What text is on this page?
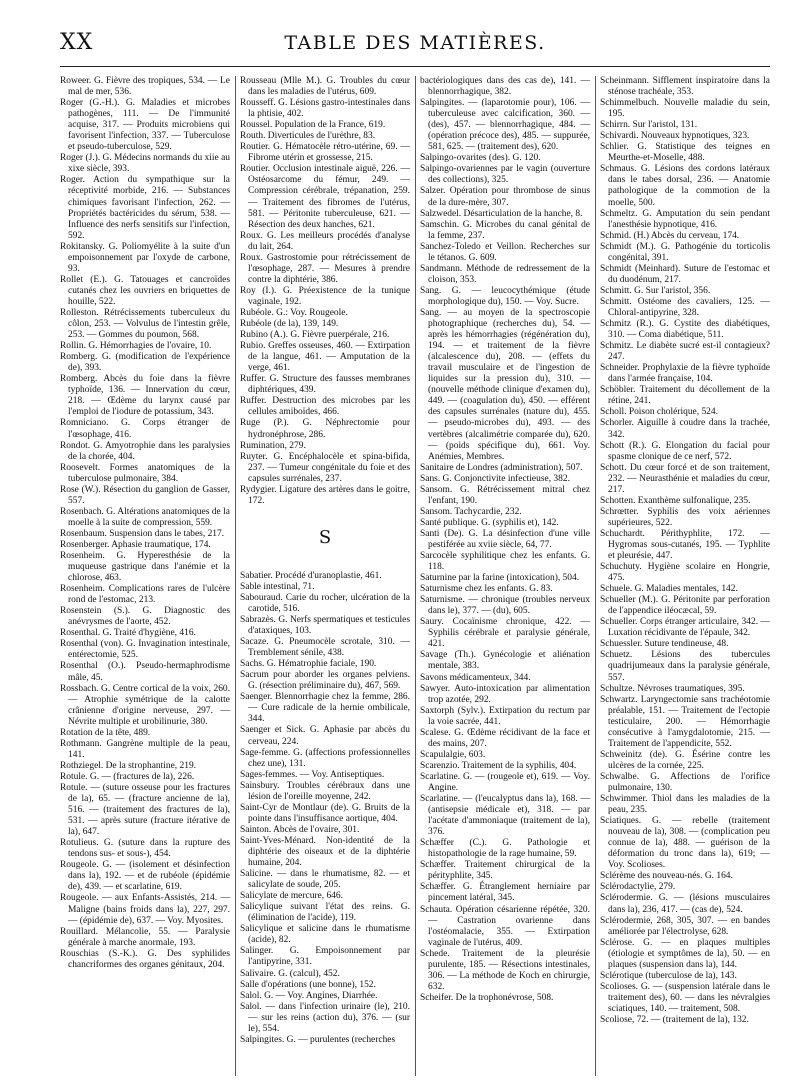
XX	TABLE DES MATIÈRES.

Roweer. G. Fièvre des tropiques, 534. — Le mal de mer, 536.

Roger (G.-H.). G. Maladies et microbes pathogènes, 111. — De l'immunité acquise, 317. — Produits microbiens qui favorisent l'infection, 337. — Tuberculose et pseudo-tuberculose, 529.

Roger (J.). G. Médecins normands du xiie au xixe siècle, 393.

Roger. Action du sympathique sur la réceptivité morbide, 216. — Substances chimiques favorisant l'infection, 262. — Propriétés bactéricides du sérum, 538. — Influence des nerfs sensitifs sur l'infection, 592.

Rokitansky. G. Poliomyélite à la suite d'un empoisonnement par l'oxyde de carbone, 93.

Rollet (E.). G. Tatouages et cancroïdes cutanés chez les ouvriers en briquettes de houille, 522.

Rolleston. Rétrécissements tuberculeux du côlon, 253. — Volvulus de l'intestin grêle, 253. — Gommes du poumon, 568.

Rollin. G. Hémorrhagies de l'ovaire, 10.

Romberg. G. (modification de l'expérience de), 393.

Romberg. Abcès du foie dans la fièvre typhoïde, 136. — Innervation du cœur, 218. — Œdème du larynx causé par l'emploi de l'iodure de potassium, 343.

Romniciano. G. Corps étranger de l'œsophage, 416.

Rondot. G. Amyotrophie dans les paralysies de la chorée, 404.

Roosevelt. Formes anatomiques de la tuberculose pulmonaire, 384.

Rose (W.). Résection du ganglion de Gasser, 557.

Rosenbach. G. Altérations anatomiques de la moelle à la suite de compression, 559.

Rosenbaum. Suspension dans le tabes, 217.

Rosenberger. Aphasie traumatique, 174.

Rosenheim. G. Hyperesthésie de la muqueuse gastrique dans l'anémie et la chlorose, 463.

Rosenheim. Complications rares de l'ulcère rond de l'estomac, 213.

Rosenstein (S.). G. Diagnostic des anévrysmes de l'aorte, 452.

Rosenthal. G. Traité d'hygiène, 416.

Rosenthal (von). G. Invagination intestinale, entérectomie, 525.

Rosenthal (O.). Pseudo-hermaphrodisme mâle, 45.

Rossbach. G. Centre cortical de la voix, 260. — Atrophie symétrique de la calotte crânienne d'origine nerveuse, 297. — Névrite multiple et urobilinurie, 380.

Rotation de la tête, 489.

Rothmann. Gangrène multiple de la peau, 141.

Rothziegel. De la strophantine, 219.

Rotule. G. — (fractures de la), 226.

Rotule. — (suture osseuse pour les fractures de la), 65. — (fracture ancienne de la), 516. — (traitement des fractures de la), 531. — après suture (fracture itérative de la), 647.

Rotulieus. G. (suture dans la rupture des tendons sus- et sous-), 454.

Rougeole. G. — (isolement et désinfection dans la), 192. — et de rubéole (épidémie de), 439. — et scarlatine, 619.

Rougeole. — aux Enfants-Assistés, 214. — Maligne (bains froids dans la), 227, 297. — (épidémie de), 637. — Voy. Myosites.

Rouillard. Mélancolie, 55. — Paralysie générale à marche anormale, 193.

Rouschias (S.-K.). G. Des syphilides chancriformes des organes génitaux, 204.

Rousseau (Mlle M.). G. Troubles du cœur dans les maladies de l'utérus, 609.

Rousseff. G. Lésions gastro-intestinales dans la phtisie, 402.

Roussel. Population de la France, 619.

Routh. Diverticules de l'urèthre, 83.

Routier. G. Hématocèle rétro-utérine, 69. — Fibrome utérin et grossesse, 215.

Routier. Occlusion intestinale aiguë, 226. — Ostéosarcome du fémur, 249. — Compression cérébrale, trépanation, 259. — Traitement des fibromes de l'utérus, 581. — Péritonite tuberculeuse, 621. — Résection des deux hanches, 621.

Roux. G. Les meilleurs procédés d'analyse du lait, 264.

Roux. Gastrostomie pour rétrécissement de l'œsophage, 287. — Mesures à prendre contre la diphtérie, 386.

Roy (I.). G. Préexistence de la tunique vaginale, 192.

Rubéole. G.: Voy. Rougeole.

Rubéole (de la), 139, 149.

Rubino (A.). G. Fièvre puerpérale, 216.

Rubio. Greffes osseuses, 460. — Extirpation de la langue, 461. — Amputation de la verge, 461.

Ruffer. G. Structure des fausses membranes diphtériques, 439.

Ruffer. Destruction des microbes par les cellules amiboïdes, 466.

Ruge (P.). G. Néphrectomie pour hydronéphrose, 286.

Rumination, 279.

Ruyter. G. Encéphalocèle et spina-bifida, 237. — Tumeur congénitale du foie et des capsules surrénales, 237.

Rydygier. Ligature des artères dans le goitre, 172.

S

Sabatier. Procédé d'uranoplastie, 461.

Sable intestinal, 71.

Sabouraud. Carie du rocher, ulcération de la carotide, 516.

Sabrazès. G. Nerfs spermatiques et testicules d'ataxiques, 103.

Sacaze. G. Pneumocèle scrotale, 310. — Tremblement sénile, 438.

Sachs. G. Hématrophie faciale, 190.

Sacrum pour aborder les organes pelviens. G. (résection préliminaire du), 467, 569.

Saenger. Blennorrhagie chez la femme, 286. — Cure radicale de la hernie ombilicale, 344.

Saenger et Sick. G. Aphasie par abcès du cerveau, 224.

Sage-femme. G. (affections professionnelles chez une), 131.

Sages-femmes. — Voy. Antiseptiques.

Sainsbury. Troubles cérébraux dans une lésion de l'oreille moyenne, 242.

Saint-Cyr de Montlaur (de). G. Bruits de la pointe dans l'insuffisance aortique, 404.

Sainton. Abcès de l'ovaire, 301.

Saint-Yves-Ménard. Non-identité de la diphtérie des oiseaux et de la diphtérie humaine, 204.

Salicine. — dans le rhumatisme, 82. — et salicylate de soude, 205.

Salicylate de mercure, 646.

Salicylique suivant l'état des reins. G. (élimination de l'acide), 119.

Salicylique et salicine dans le rhumatisme (acide), 82.

Salinger. G. Empoisonnement par l'antipyrine, 331.

Salivaire. G. (calcul), 452.

Salle d'opérations (une bonne), 152.

Salol. G. — Voy. Angines, Diarrhée.

Salol. — dans l'infection urinaire (le), 210. — sur les reins (action du), 376. — (sur le), 554.

Salpingites. G. — purulentes (recherches

bactériologiques dans des cas de), 141. — blennorrhagique, 382.

Salpingites. — (laparotomie pour), 106. — tuberculeuse avec calcification, 360. — (des), 457. — blennorrhagique, 484. — (opération précoce des), 485. — suppurée, 581, 625. — (traitement des), 620.

Salpingo-ovarites (des). G. 120.

Salpingo-ovariennes par le vagin (ouverture des collections), 325.

Salzer. Opération pour thrombose de sinus de la dure-mère, 307.

Salzwedel. Désarticulation de la hanche, 8.

Samschin. G. Microbes du canal génital de la femme, 237.

Sanchez-Toledo et Veillon. Recherches sur le tétanos. G. 609.

Sandmann. Méthode de redressement de la cloison, 353.

Sang. G. — leucocythémique (étude morphologique du), 150. — Voy. Sucre.

Sang. — au moyen de la spectroscopie photographique (recherches du), 54. — après les hémorrhagies (régénération du), 194. — et traitement de la fièvre (alcalescence du), 208. — (effets du travail musculaire et de l'ingestion de liquides sur la pression du), 310. — (nouvelle méthode clinique d'examen du), 449. — (coagulation du), 450. — efférent des capsules surrénales (nature du), 455. — pseudo-microbes du), 493. — des vertèbres (alcalimétrie comparée du), 620. — (poids spécifique du), 661. Voy. Anémies, Membres.

Sanitaire de Londres (administration), 507.

Sans. G. Conjonctivite infectieuse, 382.

Sansom. G. Rétrécissement mitral chez l'enfant, 190.

Sansom. Tachycardie, 232.

Santé publique. G. (syphilis et), 142.

Santi (De). G. La désinfection d'une ville pestiférée au xviie siècle, 64, 77.

Sarcocèle syphilitique chez les enfants. G. 118.

Saturnine par la farine (intoxication), 504.

Saturnisme chez les enfants. G. 83.

Saturnisme. — chronique (troubles nerveux dans le), 377. — (du), 605.

Saury. Cocaïnisme chronique, 422. — Syphilis cérébrale et paralysie générale, 421.

Savage (Th.). Gynécologie et aliénation mentale, 383.

Savons médicamenteux, 344.

Sawyer. Auto-intoxication par alimentation trop azotée, 292.

Saxtorph (Sylv.). Extirpation du rectum par la voie sacrée, 441.

Scalese. G. Œdème récidivant de la face et des mains, 207.

Scapulalgie, 603.

Scarenzio. Traitement de la syphilis, 404.

Scarlatine. G. — (rougeole et), 619. — Voy. Angine.

Scarlatine. — (l'eucalyptus dans la), 168. — (antisepsie médicale et), 318. — par l'acétate d'ammoniaque (traitement de la), 376.

Schæffer (C.). G. Pathologie et histopathologie de la rage humaine, 59.

Schæffer. Traitement chirurgical de la pérityphlite, 345.

Schæffer. G. Étranglement herniaire par pincement latéral, 345.

Schauta. Opération césarienne répétée, 320. — Castration ovarienne dans l'ostéomalacie, 355. — Extirpation vaginale de l'utérus, 409.

Schede. Traitement de la pleurésie purulente, 185. — Résections intestinales, 306. — La méthode de Koch en chirurgie, 632.

Scheifer. De la trophonévrose, 508.

Scheinmann. Sifflement inspiratoire dans la sténose trachéale, 353.

Schimmelbuch. Nouvelle maladie du sein, 195.

Schirrn. Sur l'aristol, 131.

Schivardi. Nouveaux hypnotiques, 323.

Schlier. G. Statistique des teignes en Meurthe-et-Moselle, 488.

Schmaus. G. Lésions des cordons latéraux dans le tabes dorsal, 236. — Anatomie pathologique de la commotion de la moelle, 500.

Schmeltz. G. Amputation du sein pendant l'anesthésie hypnotique, 416.

Schmid. (H.) Abcès du cerveau, 174.

Schmidt (M.). G. Pathogénie du torticolis congénital, 391.

Schmidt (Meinhard). Suture de l'estomac et du duodénum, 217.

Schmitt. G. Sur l'aristol, 356.

Schmitt. Ostéome des cavaliers, 125. — Chloral-antipyrine, 328.

Schmitz (R.). G. Cystite des diabétiques, 310. — Coma diabétique, 511.

Schmitz. Le diabète sucré est-il contagieux? 247.

Schneider. Prophylaxie de la fièvre typhoïde dans l'armée française, 104.

Schöbler. Traitement du décollement de la rétine, 241.

Scholl. Poison cholérique, 524.

Schorler. Aiguille à coudre dans la trachée, 342.

Schott (R.). G. Elongation du facial pour spasme clonique de ce nerf, 572.

Schott. Du cœur forcé et de son traitement, 232. — Neurasthénie et maladies du cœur, 217.

Schotten. Exanthème sulfonalique, 235.

Schrœtter. Syphilis des voix aériennes supérieures, 522.

Schuchardt. Périthyphlite, 172. — Hygromas sous-cutanés, 195. — Typhlite et pleurésie, 447.

Schuchuty. Hygiène scolaire en Hongrie, 475.

Schuele. G. Maladies mentales, 142.

Schueller (M.). G. Péritonite par perforation de l'appendice iléocæcal, 59.

Schueller. Corps étranger articulaire, 342. — Luxation récidivante de l'épaule, 342.

Schuessler. Suture tendineuse, 48.

Schuetz. Lésions des tubercules quadrijumeaux dans la paralysie générale, 557.

Schultze. Névroses traumatiques, 395.

Schwartz. Laryngectomie sans trachéotomie préalable, 151. — Traitement de l'ectopie testiculaire, 200. — Hémorrhagie consécutive à l'amygdalotomie, 215. — Traitement de l'appendicite, 552.

Schweinitz (de). G. Ésérine contre les ulcères de la cornée, 225.

Schwalbe. G. Affections de l'orifice pulmonaire, 130.

Schwimmer. Thiol dans les maladies de la peau, 235.

Sciatiques. G. — rebelle (traitement nouveau de la), 308. — (complication peu connue de la), 488. — guérison de la déformation du tronc dans la), 619; — Voy. Scolioses.

Sclérème des nouveau-nés. G. 164.

Sclérodactylie, 279.

Sclérodermie. G. — (lésions musculaires dans la), 236, 417. — (cas de), 524.

Sclérodermie, 268, 305, 307. — en bandes améliorée par l'électrolyse, 628.

Sclérose. G. — en plaques multiples (étiologie et symptômes de la), 50. — en plaques (suspension dans la), 144.

Sclérotique (tuberculose de la), 143.

Scolioses. G. — (suspension latérale dans le traitement des), 60. — dans les névralgies sciatiques, 140. — traitement, 508.

Scoliose, 72. — (traitement de la), 132.
